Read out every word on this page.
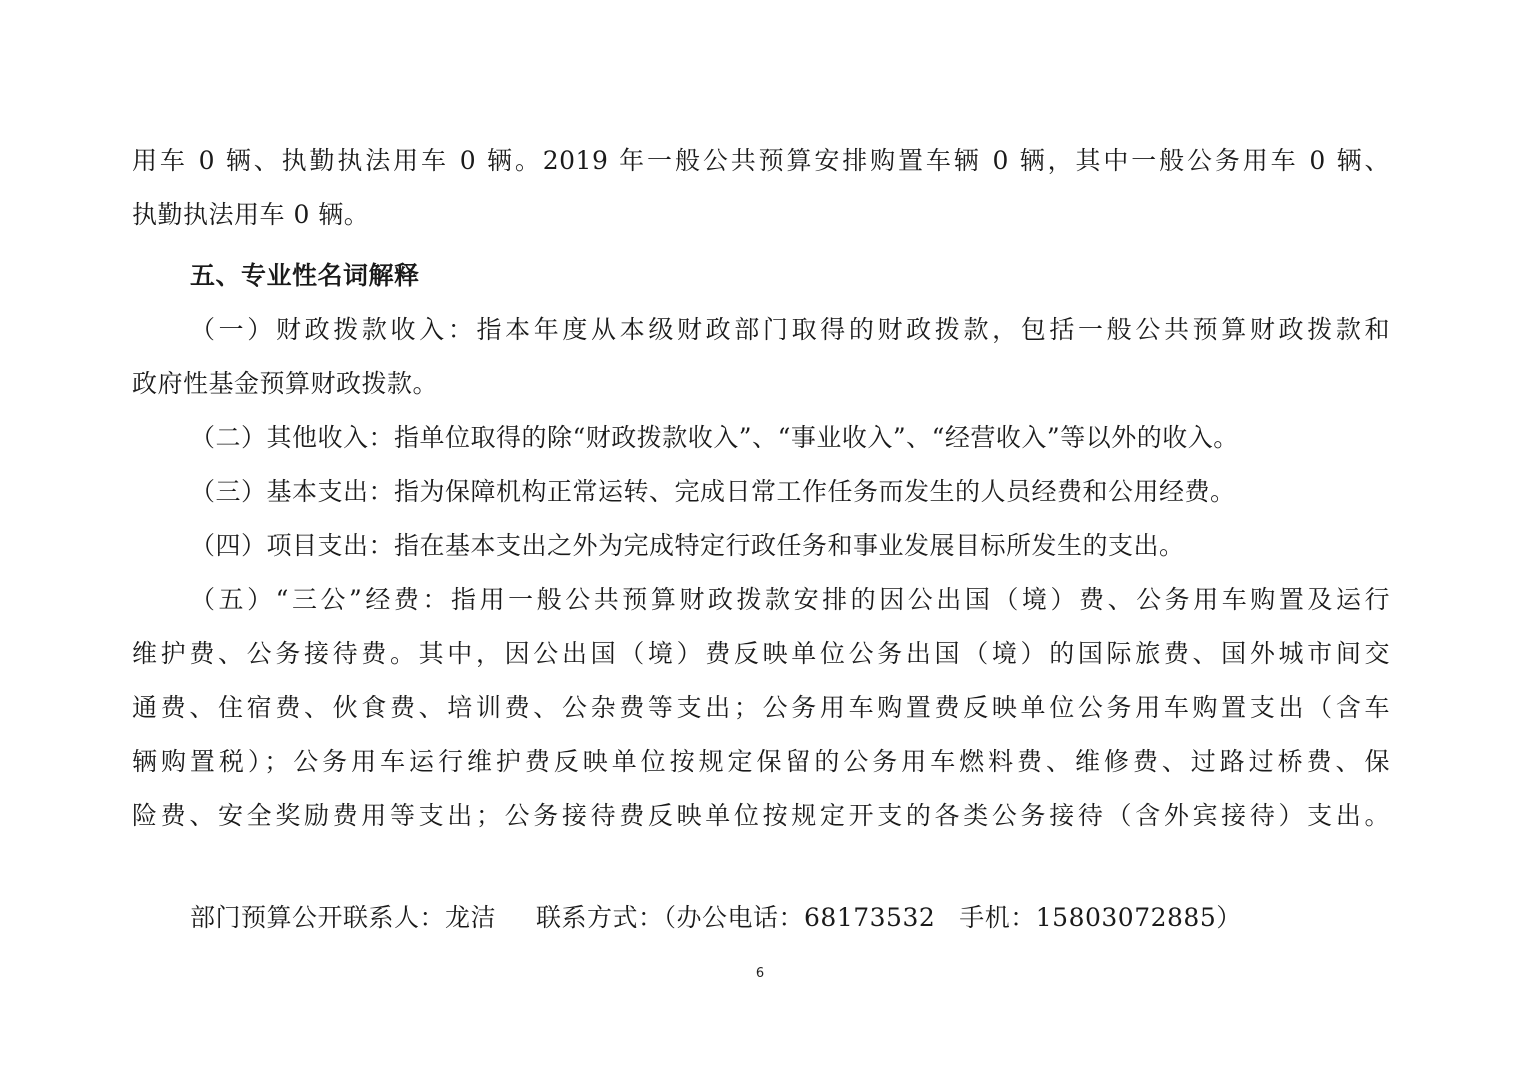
用车 0 辆、执勤执法用车 0 辆。2019 年一般公共预算安排购置车辆 0 辆，其中一般公务用车 0 辆、
执勤执法用车 0 辆。
五、专业性名词解释
（一）财政拨款收入：指本年度从本级财政部门取得的财政拨款，包括一般公共预算财政拨款和
政府性基金预算财政拨款。
（二）其他收入：指单位取得的除“财政拨款收入”、“事业收入”、“经营收入”等以外的收入。
（三）基本支出：指为保障机构正常运转、完成日常工作任务而发生的人员经费和公用经费。
（四）项目支出：指在基本支出之外为完成特定行政任务和事业发展目标所发生的支出。
（五）“三公”经费：指用一般公共预算财政拨款安排的因公出国（境）费、公务用车购置及运行
维护费、公务接待费。其中，因公出国（境）费反映单位公务出国（境）的国际旅费、国外城市间交
通费、住宿费、伙食费、培训费、公杂费等支出；公务用车购置费反映单位公务用车购置支出（含车
辆购置税）；公务用车运行维护费反映单位按规定保留的公务用车燃料费、维修费、过路过桥费、保
险费、安全奖励费用等支出；公务接待费反映单位按规定开支的各类公务接待（含外宾接待）支出。
部门预算公开联系人：龙洁 联系方式：（办公电话：68173532 手机：15803072885）
6
